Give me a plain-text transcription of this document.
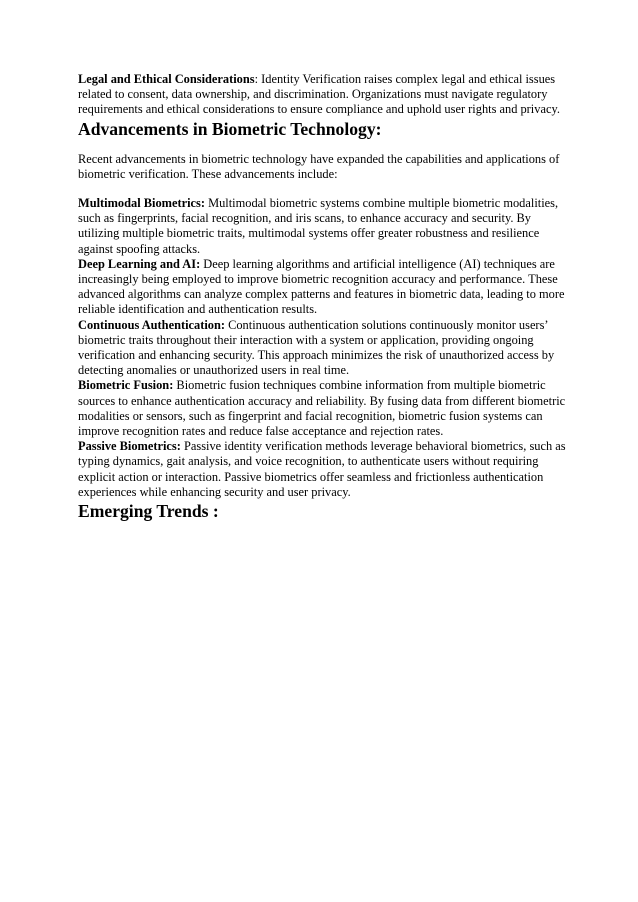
Legal and Ethical Considerations: Identity Verification raises complex legal and ethical issues related to consent, data ownership, and discrimination. Organizations must navigate regulatory requirements and ethical considerations to ensure compliance and uphold user rights and privacy.

Advancements in Biometric Technology:

Recent advancements in biometric technology have expanded the capabilities and applications of biometric verification. These advancements include:

Multimodal Biometrics: Multimodal biometric systems combine multiple biometric modalities, such as fingerprints, facial recognition, and iris scans, to enhance accuracy and security. By utilizing multiple biometric traits, multimodal systems offer greater robustness and resilience against spoofing attacks.

Deep Learning and AI: Deep learning algorithms and artificial intelligence (AI) techniques are increasingly being employed to improve biometric recognition accuracy and performance. These advanced algorithms can analyze complex patterns and features in biometric data, leading to more reliable identification and authentication results.

Continuous Authentication: Continuous authentication solutions continuously monitor users’ biometric traits throughout their interaction with a system or application, providing ongoing verification and enhancing security. This approach minimizes the risk of unauthorized access by detecting anomalies or unauthorized users in real time.

Biometric Fusion: Biometric fusion techniques combine information from multiple biometric sources to enhance authentication accuracy and reliability. By fusing data from different biometric modalities or sensors, such as fingerprint and facial recognition, biometric fusion systems can improve recognition rates and reduce false acceptance and rejection rates.

Passive Biometrics: Passive identity verification methods leverage behavioral biometrics, such as typing dynamics, gait analysis, and voice recognition, to authenticate users without requiring explicit action or interaction. Passive biometrics offer seamless and frictionless authentication experiences while enhancing security and user privacy.

Emerging Trends :
